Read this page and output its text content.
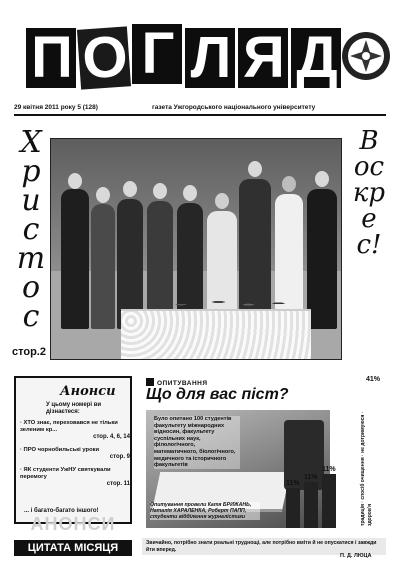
П О Г Л Я Д
29 квітня 2011 року 5 (128)	газета Ужгородського національного університету
Христос
Воскрес!
стор.2
Анонси
У цьому номері ви дізнаєтеся:
· ХТО знає, переховався не тільки зеленим кр...
стор. 4, 6, 14
· ПРО чорнобильські уроки
стор. 9
· ЯК студенти УжНУ святкували перемогу
стор. 11
... і багато-багато іншого!
АНОНСИ
ЦИТАТА МІСЯЦЯ
ОПИТУВАННЯ
Що для вас піст?
41%
Було опитано 100 студентів факультету міжнародних відносин, факультету суспільних наук, філологічного, математичного, біологічного, медичного та історичного факультетів
Опитування провели Катя БРИЖАНЬ, Наталія ХАРАЛЕНКА, Роберт ПАПП, студенти відділення журналістики
11%
11%
11%	традиція · спосіб очищення · не дотримуюся · здоров'я
Звичайно, потрібно знати реальні труднощі, але потрібно вміти й не опускатися і завжди йти вперед.
П. Д. ЛЮЦА
